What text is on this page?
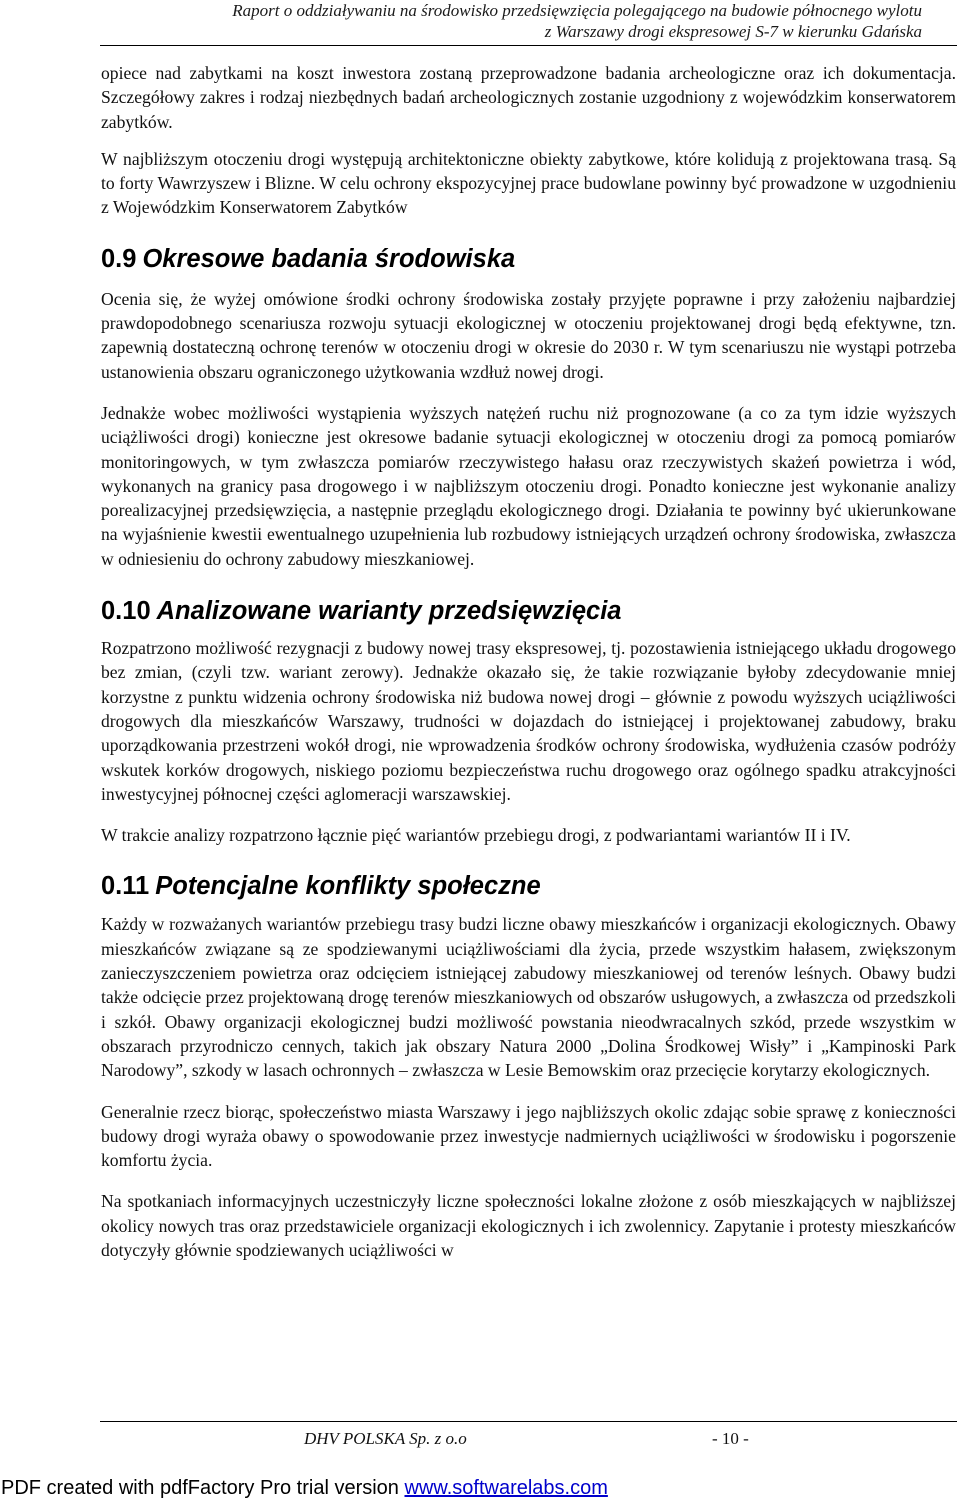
Raport o oddziaływaniu na środowisko przedsięwzięcia polegającego na budowie północnego wylotu
z Warszawy drogi ekspresowej S-7 w kierunku Gdańska

opiece nad zabytkami na koszt inwestora zostaną przeprowadzone badania archeologiczne oraz ich dokumentacja. Szczegółowy zakres i rodzaj niezbędnych badań archeologicznych zostanie uzgodniony z wojewódzkim konserwatorem zabytków.

W najbliższym otoczeniu drogi występują architektoniczne obiekty zabytkowe, które kolidują z projektowana trasą. Są to forty Wawrzyszew i Blizne. W celu ochrony ekspozycyjnej prace budowlane powinny być prowadzone w uzgodnieniu z Wojewódzkim Konserwatorem Zabytków

0.9 Okresowe badania środowiska

Ocenia się, że wyżej omówione środki ochrony środowiska zostały przyjęte poprawne i przy założeniu najbardziej prawdopodobnego scenariusza rozwoju sytuacji ekologicznej w otoczeniu projektowanej drogi będą efektywne, tzn. zapewnią dostateczną ochronę terenów w otoczeniu drogi w okresie do 2030 r. W tym scenariuszu nie wystąpi potrzeba ustanowienia obszaru ograniczonego użytkowania wzdłuż nowej drogi.

Jednakże wobec możliwości wystąpienia wyższych natężeń ruchu niż prognozowane (a co za tym idzie wyższych uciążliwości drogi) konieczne jest okresowe badanie sytuacji ekologicznej w otoczeniu drogi za pomocą pomiarów monitoringowych, w tym zwłaszcza pomiarów rzeczywistego hałasu oraz rzeczywistych skażeń powietrza i wód, wykonanych na granicy pasa drogowego i w najbliższym otoczeniu drogi. Ponadto konieczne jest wykonanie analizy porealizacyjnej przedsięwzięcia, a następnie przeglądu ekologicznego drogi. Działania te powinny być ukierunkowane na wyjaśnienie kwestii ewentualnego uzupełnienia lub rozbudowy istniejących urządzeń ochrony środowiska, zwłaszcza w odniesieniu do ochrony zabudowy mieszkaniowej.

0.10 Analizowane warianty przedsięwzięcia

Rozpatrzono możliwość rezygnacji z budowy nowej trasy ekspresowej, tj. pozostawienia istniejącego układu drogowego bez zmian, (czyli tzw. wariant zerowy). Jednakże okazało się, że takie rozwiązanie byłoby zdecydowanie mniej korzystne z punktu widzenia ochrony środowiska niż budowa nowej drogi – głównie z powodu wyższych uciążliwości drogowych dla mieszkańców Warszawy, trudności w dojazdach do istniejącej i projektowanej zabudowy, braku uporządkowania przestrzeni wokół drogi, nie wprowadzenia środków ochrony środowiska, wydłużenia czasów podróży wskutek korków drogowych, niskiego poziomu bezpieczeństwa ruchu drogowego oraz ogólnego spadku atrakcyjności inwestycyjnej północnej części aglomeracji warszawskiej.

W trakcie analizy rozpatrzono łącznie pięć wariantów przebiegu drogi, z podwariantami wariantów II i IV.

0.11 Potencjalne konflikty społeczne

Każdy w rozważanych wariantów przebiegu trasy budzi liczne obawy mieszkańców i organizacji ekologicznych. Obawy mieszkańców związane są ze spodziewanymi uciążliwościami dla życia, przede wszystkim hałasem, zwiększonym zanieczyszczeniem powietrza oraz odcięciem istniejącej zabudowy mieszkaniowej od terenów leśnych. Obawy budzi także odcięcie przez projektowaną drogę terenów mieszkaniowych od obszarów usługowych, a zwłaszcza od przedszkoli i szkół. Obawy organizacji ekologicznej budzi możliwość powstania nieodwracalnych szkód, przede wszystkim w obszarach przyrodniczo cennych, takich jak obszary Natura 2000 „Dolina Środkowej Wisły” i „Kampinoski Park Narodowy”, szkody w lasach ochronnych – zwłaszcza w Lesie Bemowskim oraz przecięcie korytarzy ekologicznych.

Generalnie rzecz biorąc, społeczeństwo miasta Warszawy i jego najbliższych okolic zdając sobie sprawę z konieczności budowy drogi wyraża obawy o spowodowanie przez inwestycje nadmiernych uciążliwości w środowisku i pogorszenie komfortu życia.

Na spotkaniach informacyjnych uczestniczyły liczne społeczności lokalne złożone z osób mieszkających w najbliższej okolicy nowych tras oraz przedstawiciele organizacji ekologicznych i ich zwolennicy. Zapytanie i protesty mieszkańców dotyczyły głównie spodziewanych uciążliwości w

DHV POLSKA Sp. z o.o	- 10 -
PDF created with pdfFactory Pro trial version www.softwarelabs.com
